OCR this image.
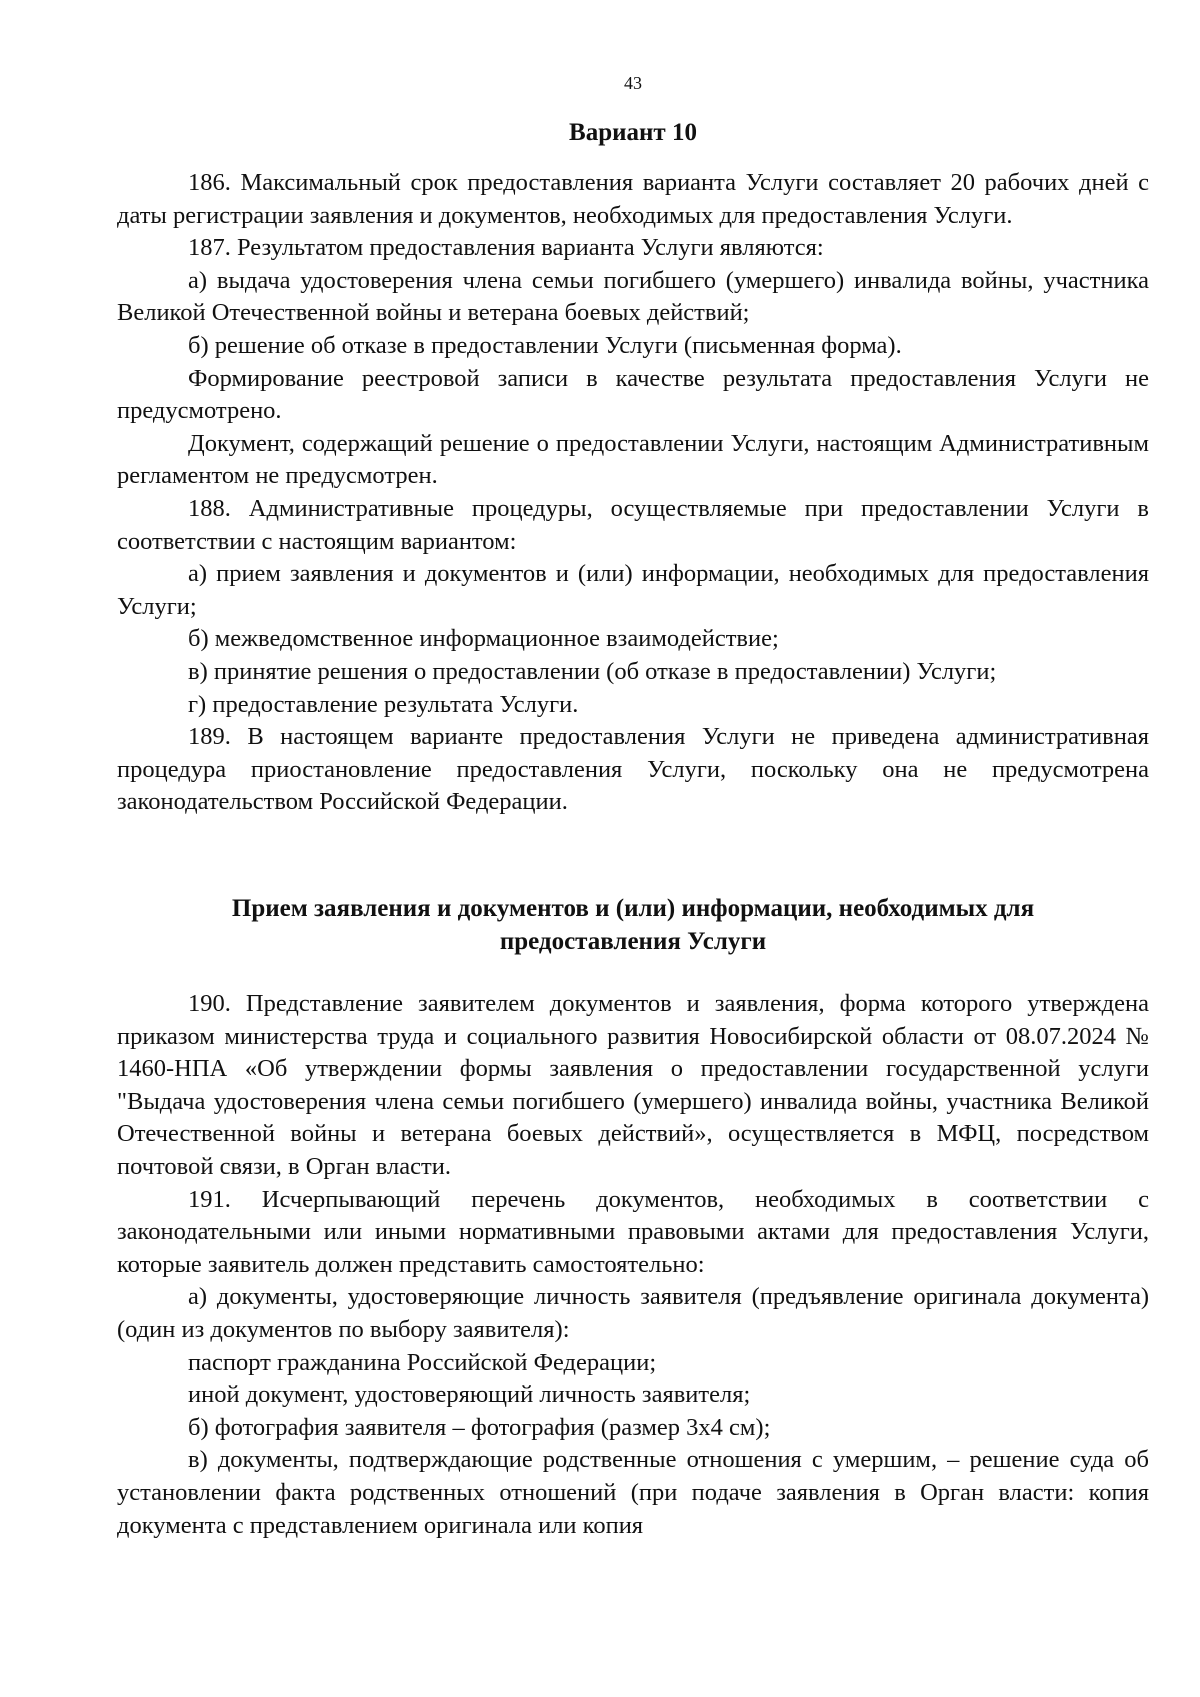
43
Вариант 10

186. Максимальный срок предоставления варианта Услуги составляет 20 рабочих дней с даты регистрации заявления и документов, необходимых для предоставления Услуги.

187. Результатом предоставления варианта Услуги являются:

а) выдача удостоверения члена семьи погибшего (умершего) инвалида войны, участника Великой Отечественной войны и ветерана боевых действий;

б) решение об отказе в предоставлении Услуги (письменная форма).

Формирование реестровой записи в качестве результата предоставления Услуги не предусмотрено.

Документ, содержащий решение о предоставлении Услуги, настоящим Административным регламентом не предусмотрен.

188. Административные процедуры, осуществляемые при предоставлении Услуги в соответствии с настоящим вариантом:

а) прием заявления и документов и (или) информации, необходимых для предоставления Услуги;

б) межведомственное информационное взаимодействие;

в) принятие решения о предоставлении (об отказе в предоставлении) Услуги;

г) предоставление результата Услуги.

189. В настоящем варианте предоставления Услуги не приведена административная процедура приостановление предоставления Услуги, поскольку она не предусмотрена законодательством Российской Федерации.

Прием заявления и документов и (или) информации, необходимых для

предоставления Услуги

190. Представление заявителем документов и заявления, форма которого утверждена приказом министерства труда и социального развития Новосибирской области от 08.07.2024 № 1460-НПА «Об утверждении формы заявления о предоставлении государственной услуги "Выдача удостоверения члена семьи погибшего (умершего) инвалида войны, участника Великой Отечественной войны и ветерана боевых действий», осуществляется в МФЦ, посредством почтовой связи, в Орган власти.

191. Исчерпывающий перечень документов, необходимых в соответствии с законодательными или иными нормативными правовыми актами для предоставления Услуги, которые заявитель должен представить самостоятельно:

а) документы, удостоверяющие личность заявителя (предъявление оригинала документа) (один из документов по выбору заявителя):

паспорт гражданина Российской Федерации;

иной документ, удостоверяющий личность заявителя;

б) фотография заявителя – фотография (размер 3х4 см);

в) документы, подтверждающие родственные отношения с умершим, – решение суда об установлении факта родственных отношений (при подаче заявления в Орган власти: копия документа с представлением оригинала или копия
